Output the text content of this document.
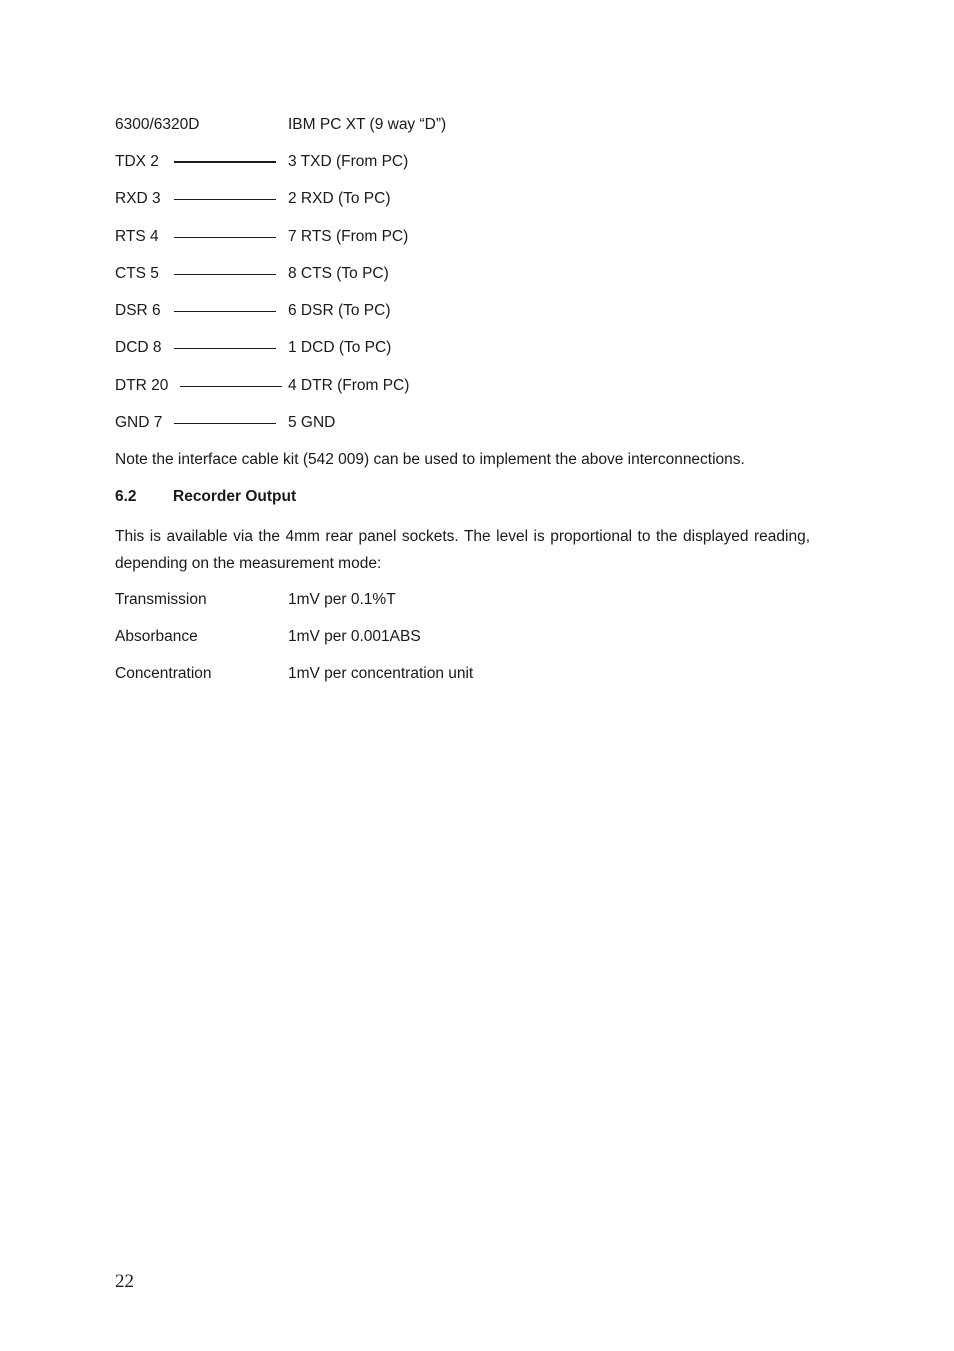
6300/6320D	IBM PC XT (9 way “D”)
TDX 2	3 TXD (From PC)
RXD 3	2 RXD (To PC)
RTS 4	7 RTS (From PC)
CTS 5	8 CTS (To PC)
DSR 6	6 DSR (To PC)
DCD 8	1 DCD (To PC)
DTR 20	4 DTR (From PC)
GND 7	5 GND
Note the interface cable kit (542 009) can be used to implement the above interconnections.
6.2 Recorder Output
This is available via the 4mm rear panel sockets. The level is proportional to the displayed reading, depending on the measurement mode:
Transmission	1mV per 0.1%T
Absorbance	1mV per 0.001ABS
Concentration	1mV per concentration unit
22
